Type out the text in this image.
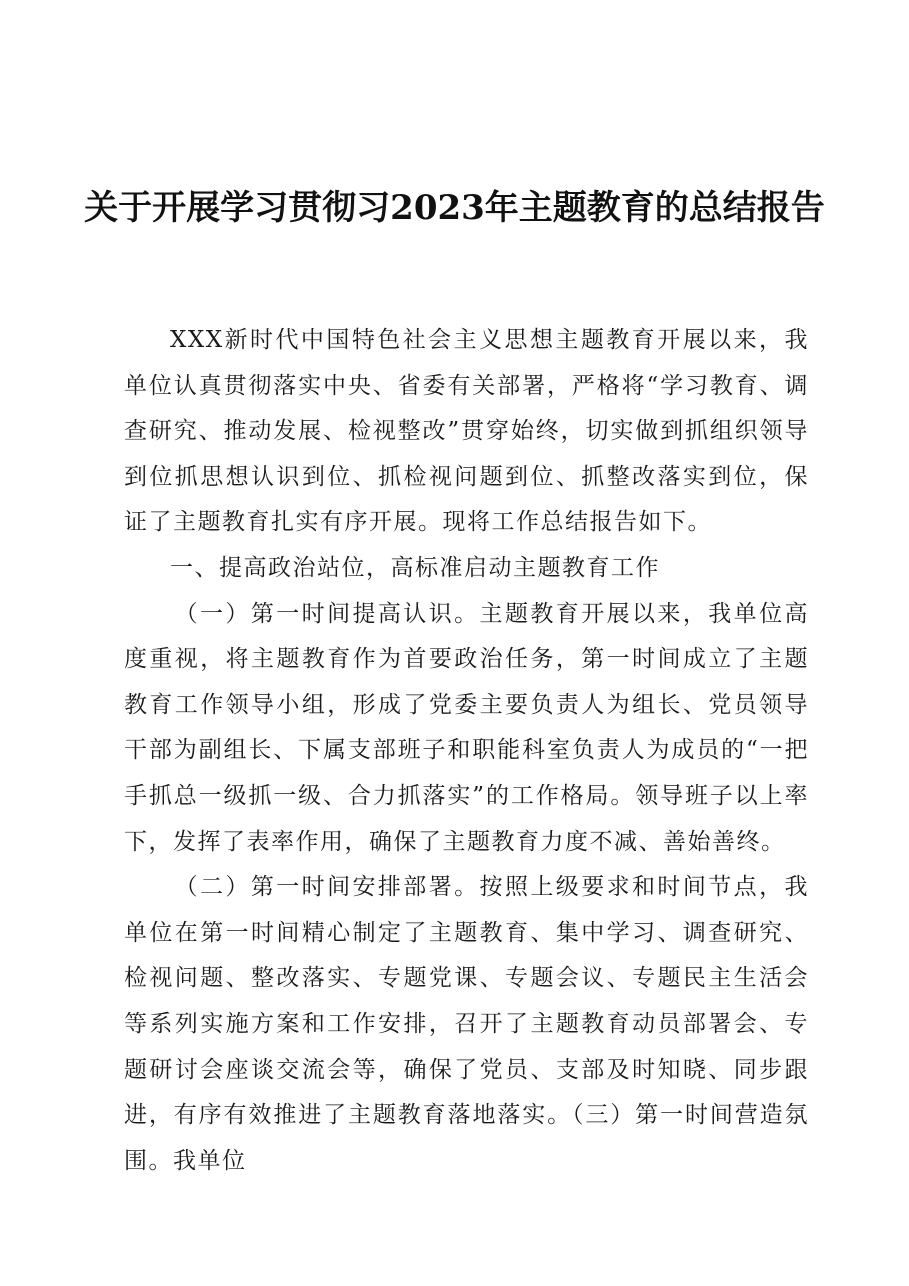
关于开展学习贯彻习2023年主题教育的总结报告

XXX新时代中国特色社会主义思想主题教育开展以来，我单位认真贯彻落实中央、省委有关部署，严格将“学习教育、调查研究、推动发展、检视整改”贯穿始终，切实做到抓组织领导到位抓思想认识到位、抓检视问题到位、抓整改落实到位，保证了主题教育扎实有序开展。现将工作总结报告如下。

一、提高政治站位，高标准启动主题教育工作

（一）第一时间提高认识。主题教育开展以来，我单位高度重视，将主题教育作为首要政治任务，第一时间成立了主题教育工作领导小组，形成了党委主要负责人为组长、党员领导干部为副组长、下属支部班子和职能科室负责人为成员的“一把手抓总一级抓一级、合力抓落实”的工作格局。领导班子以上率下，发挥了表率作用，确保了主题教育力度不减、善始善终。

（二）第一时间安排部署。按照上级要求和时间节点，我单位在第一时间精心制定了主题教育、集中学习、调查研究、检视问题、整改落实、专题党课、专题会议、专题民主生活会等系列实施方案和工作安排，召开了主题教育动员部署会、专题研讨会座谈交流会等，确保了党员、支部及时知晓、同步跟进，有序有效推进了主题教育落地落实。（三）第一时间营造氛围。我单位
